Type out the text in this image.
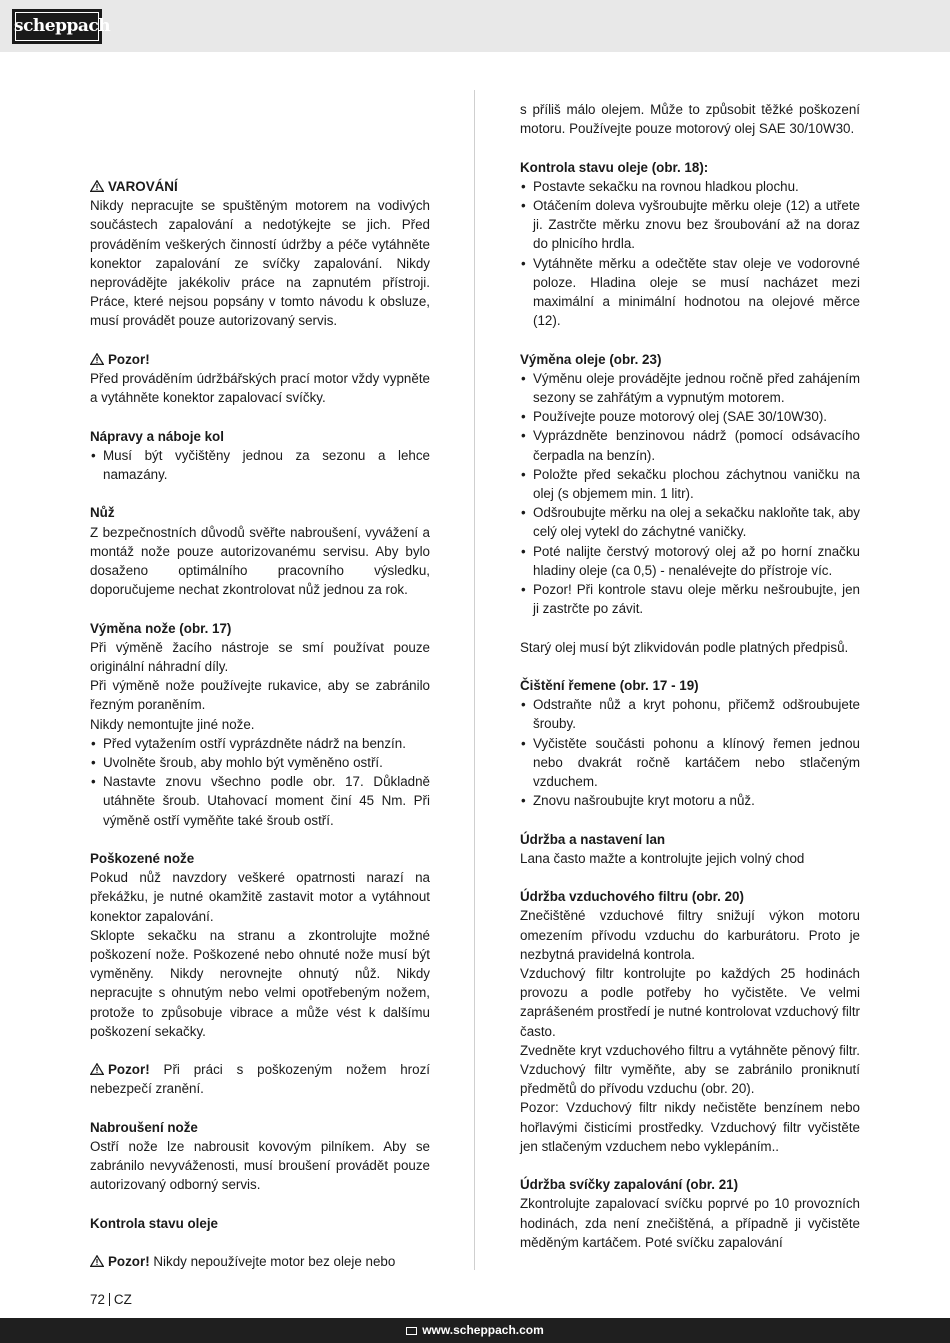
scheppach
VAROVÁNÍ

Nikdy nepracujte se spuštěným motorem na vodivých součástech zapalování a nedotýkejte se jich. Před prováděním veškerých činností údržby a péče vytáhněte konektor zapalování ze svíčky zapalování. Nikdy neprovádějte jakékoliv práce na zapnutém přístroji. Práce, které nejsou popsány v tomto návodu k obsluze, musí provádět pouze autorizovaný servis.

Pozor!

Před prováděním údržbářských prací motor vždy vypněte a vytáhněte konektor zapalovací svíčky.

Nápravy a náboje kol
• Musí být vyčištěny jednou za sezonu a lehce namazány.
Nůž

Z bezpečnostních důvodů svěřte nabroušení, vyvážení a montáž nože pouze autorizovanému servisu. Aby bylo dosaženo optimálního pracovního výsledku, doporučujeme nechat zkontrolovat nůž jednou za rok.

Výměna nože (obr. 17)

Při výměně žacího nástroje se smí používat pouze originální náhradní díly.

Při výměně nože používejte rukavice, aby se zabránilo řezným poraněním.

Nikdy nemontujte jiné nože.

• Před vytažením ostří vyprázdněte nádrž na benzín.
• Uvolněte šroub, aby mohlo být vyměněno ostří.
• Nastavte znovu všechno podle obr. 17. Důkladně utáhněte šroub. Utahovací moment činí 45 Nm. Při výměně ostří vyměňte také šroub ostří.
Poškozené nože

Pokud nůž navzdory veškeré opatrnosti narazí na překážku, je nutné okamžitě zastavit motor a vytáhnout konektor zapalování.

Sklopte sekačku na stranu a zkontrolujte možné poškození nože. Poškozené nebo ohnuté nože musí být vyměněny. Nikdy nerovnejte ohnutý nůž. Nikdy nepracujte s ohnutým nebo velmi opotřebeným nožem, protože to způsobuje vibrace a může vést k dalšímu poškození sekačky.

Pozor! Při práci s poškozeným nožem hrozí nebezpečí zranění.

Nabroušení nože

Ostří nože lze nabrousit kovovým pilníkem. Aby se zabránilo nevyváženosti, musí broušení provádět pouze autorizovaný odborný servis.

Kontrola stavu oleje

Pozor! Nikdy nepoužívejte motor bez oleje nebo

s příliš málo olejem. Může to způsobit těžké poškození motoru. Používejte pouze motorový olej SAE 30/10W30.

Kontrola stavu oleje (obr. 18):
• Postavte sekačku na rovnou hladkou plochu.
• Otáčením doleva vyšroubujte měrku oleje (12) a utřete ji. Zastrčte měrku znovu bez šroubování až na doraz do plnicího hrdla.
• Vytáhněte měrku a odečtěte stav oleje ve vodorovné poloze. Hladina oleje se musí nacházet mezi maximální a minimální hodnotou na olejové měrce (12).
Výměna oleje (obr. 23)
• Výměnu oleje provádějte jednou ročně před zahájením sezony se zahřátým a vypnutým motorem.
• Používejte pouze motorový olej (SAE 30/10W30).
• Vyprázdněte benzinovou nádrž (pomocí odsávacího čerpadla na benzín).
• Položte před sekačku plochou záchytnou vaničku na olej (s objemem min. 1 litr).
• Odšroubujte měrku na olej a sekačku nakloňte tak, aby celý olej vytekl do záchytné vaničky.
• Poté nalijte čerstvý motorový olej až po horní značku hladiny oleje (ca 0,5) - nenalévejte do přístroje víc.
• Pozor! Při kontrole stavu oleje měrku nešroubujte, jen ji zastrčte po závit.

Starý olej musí být zlikvidován podle platných předpisů.

Čištění řemene (obr. 17 - 19)
• Odstraňte nůž a kryt pohonu, přičemž odšroubujete šrouby.
• Vyčistěte součásti pohonu a klínový řemen jednou nebo dvakrát ročně kartáčem nebo stlačeným vzduchem.
• Znovu našroubujte kryt motoru a nůž.
Údržba a nastavení lan

Lana často mažte a kontrolujte jejich volný chod

Údržba vzduchového filtru (obr. 20)

Znečištěné vzduchové filtry snižují výkon motoru omezením přívodu vzduchu do karburátoru. Proto je nezbytná pravidelná kontrola.

Vzduchový filtr kontrolujte po každých 25 hodinách provozu a podle potřeby ho vyčistěte. Ve velmi zaprášeném prostředí je nutné kontrolovat vzduchový filtr často.

Zvedněte kryt vzduchového filtru a vytáhněte pěnový filtr. Vzduchový filtr vyměňte, aby se zabránilo proniknutí předmětů do přívodu vzduchu (obr. 20).

Pozor: Vzduchový filtr nikdy nečistěte benzínem nebo hořlavými čisticími prostředky. Vzduchový filtr vyčistěte jen stlačeným vzduchem nebo vyklepáním..

Údržba svíčky zapalování (obr. 21)

Zkontrolujte zapalovací svíčku poprvé po 10 provozních hodinách, zda není znečištěná, a případně ji vyčistěte měděným kartáčem. Poté svíčku zapalování

72 CZ
www.scheppach.com
